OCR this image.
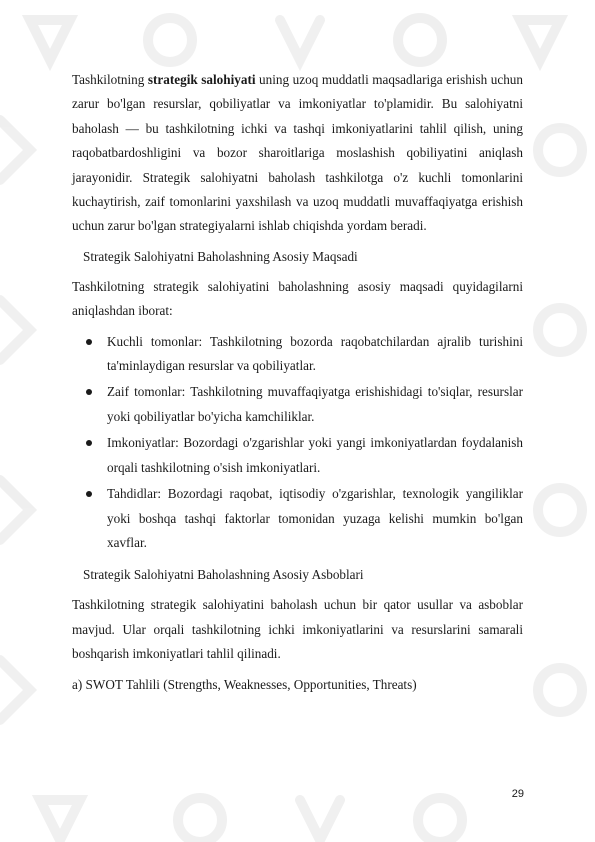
Tashkilotning strategik salohiyati uning uzoq muddatli maqsadlariga erishish uchun zarur bo'lgan resurslar, qobiliyatlar va imkoniyatlar to'plamidir. Bu salohiyatni baholash — bu tashkilotning ichki va tashqi imkoniyatlarini tahlil qilish, uning raqobatbardoshligini va bozor sharoitlariga moslashish qobiliyatini aniqlash jarayonidir. Strategik salohiyatni baholash tashkilotga o'z kuchli tomonlarini kuchaytirish, zaif tomonlarini yaxshilash va uzoq muddatli muvaffaqiyatga erishish uchun zarur bo'lgan strategiyalarni ishlab chiqishda yordam beradi.

Strategik Salohiyatni Baholashning Asosiy Maqsadi

Tashkilotning strategik salohiyatini baholashning asosiy maqsadi quyidagilarni aniqlashdan iborat:

Kuchli tomonlar: Tashkilotning bozorda raqobatchilardan ajralib turishini ta'minlaydigan resurslar va qobiliyatlar.
Zaif tomonlar: Tashkilotning muvaffaqiyatga erishishidagi to'siqlar, resurslar yoki qobiliyatlar bo'yicha kamchiliklar.
Imkoniyatlar: Bozordagi o'zgarishlar yoki yangi imkoniyatlardan foydalanish orqali tashkilotning o'sish imkoniyatlari.
Tahdidlar: Bozordagi raqobat, iqtisodiy o'zgarishlar, texnologik yangiliklar yoki boshqa tashqi faktorlar tomonidan yuzaga kelishi mumkin bo'lgan xavflar.
Strategik Salohiyatni Baholashning Asosiy Asboblari

Tashkilotning strategik salohiyatini baholash uchun bir qator usullar va asboblar mavjud. Ular orqali tashkilotning ichki imkoniyatlarini va resurslarini samarali boshqarish imkoniyatlari tahlil qilinadi.

a) SWOT Tahlili (Strengths, Weaknesses, Opportunities, Threats)

29
